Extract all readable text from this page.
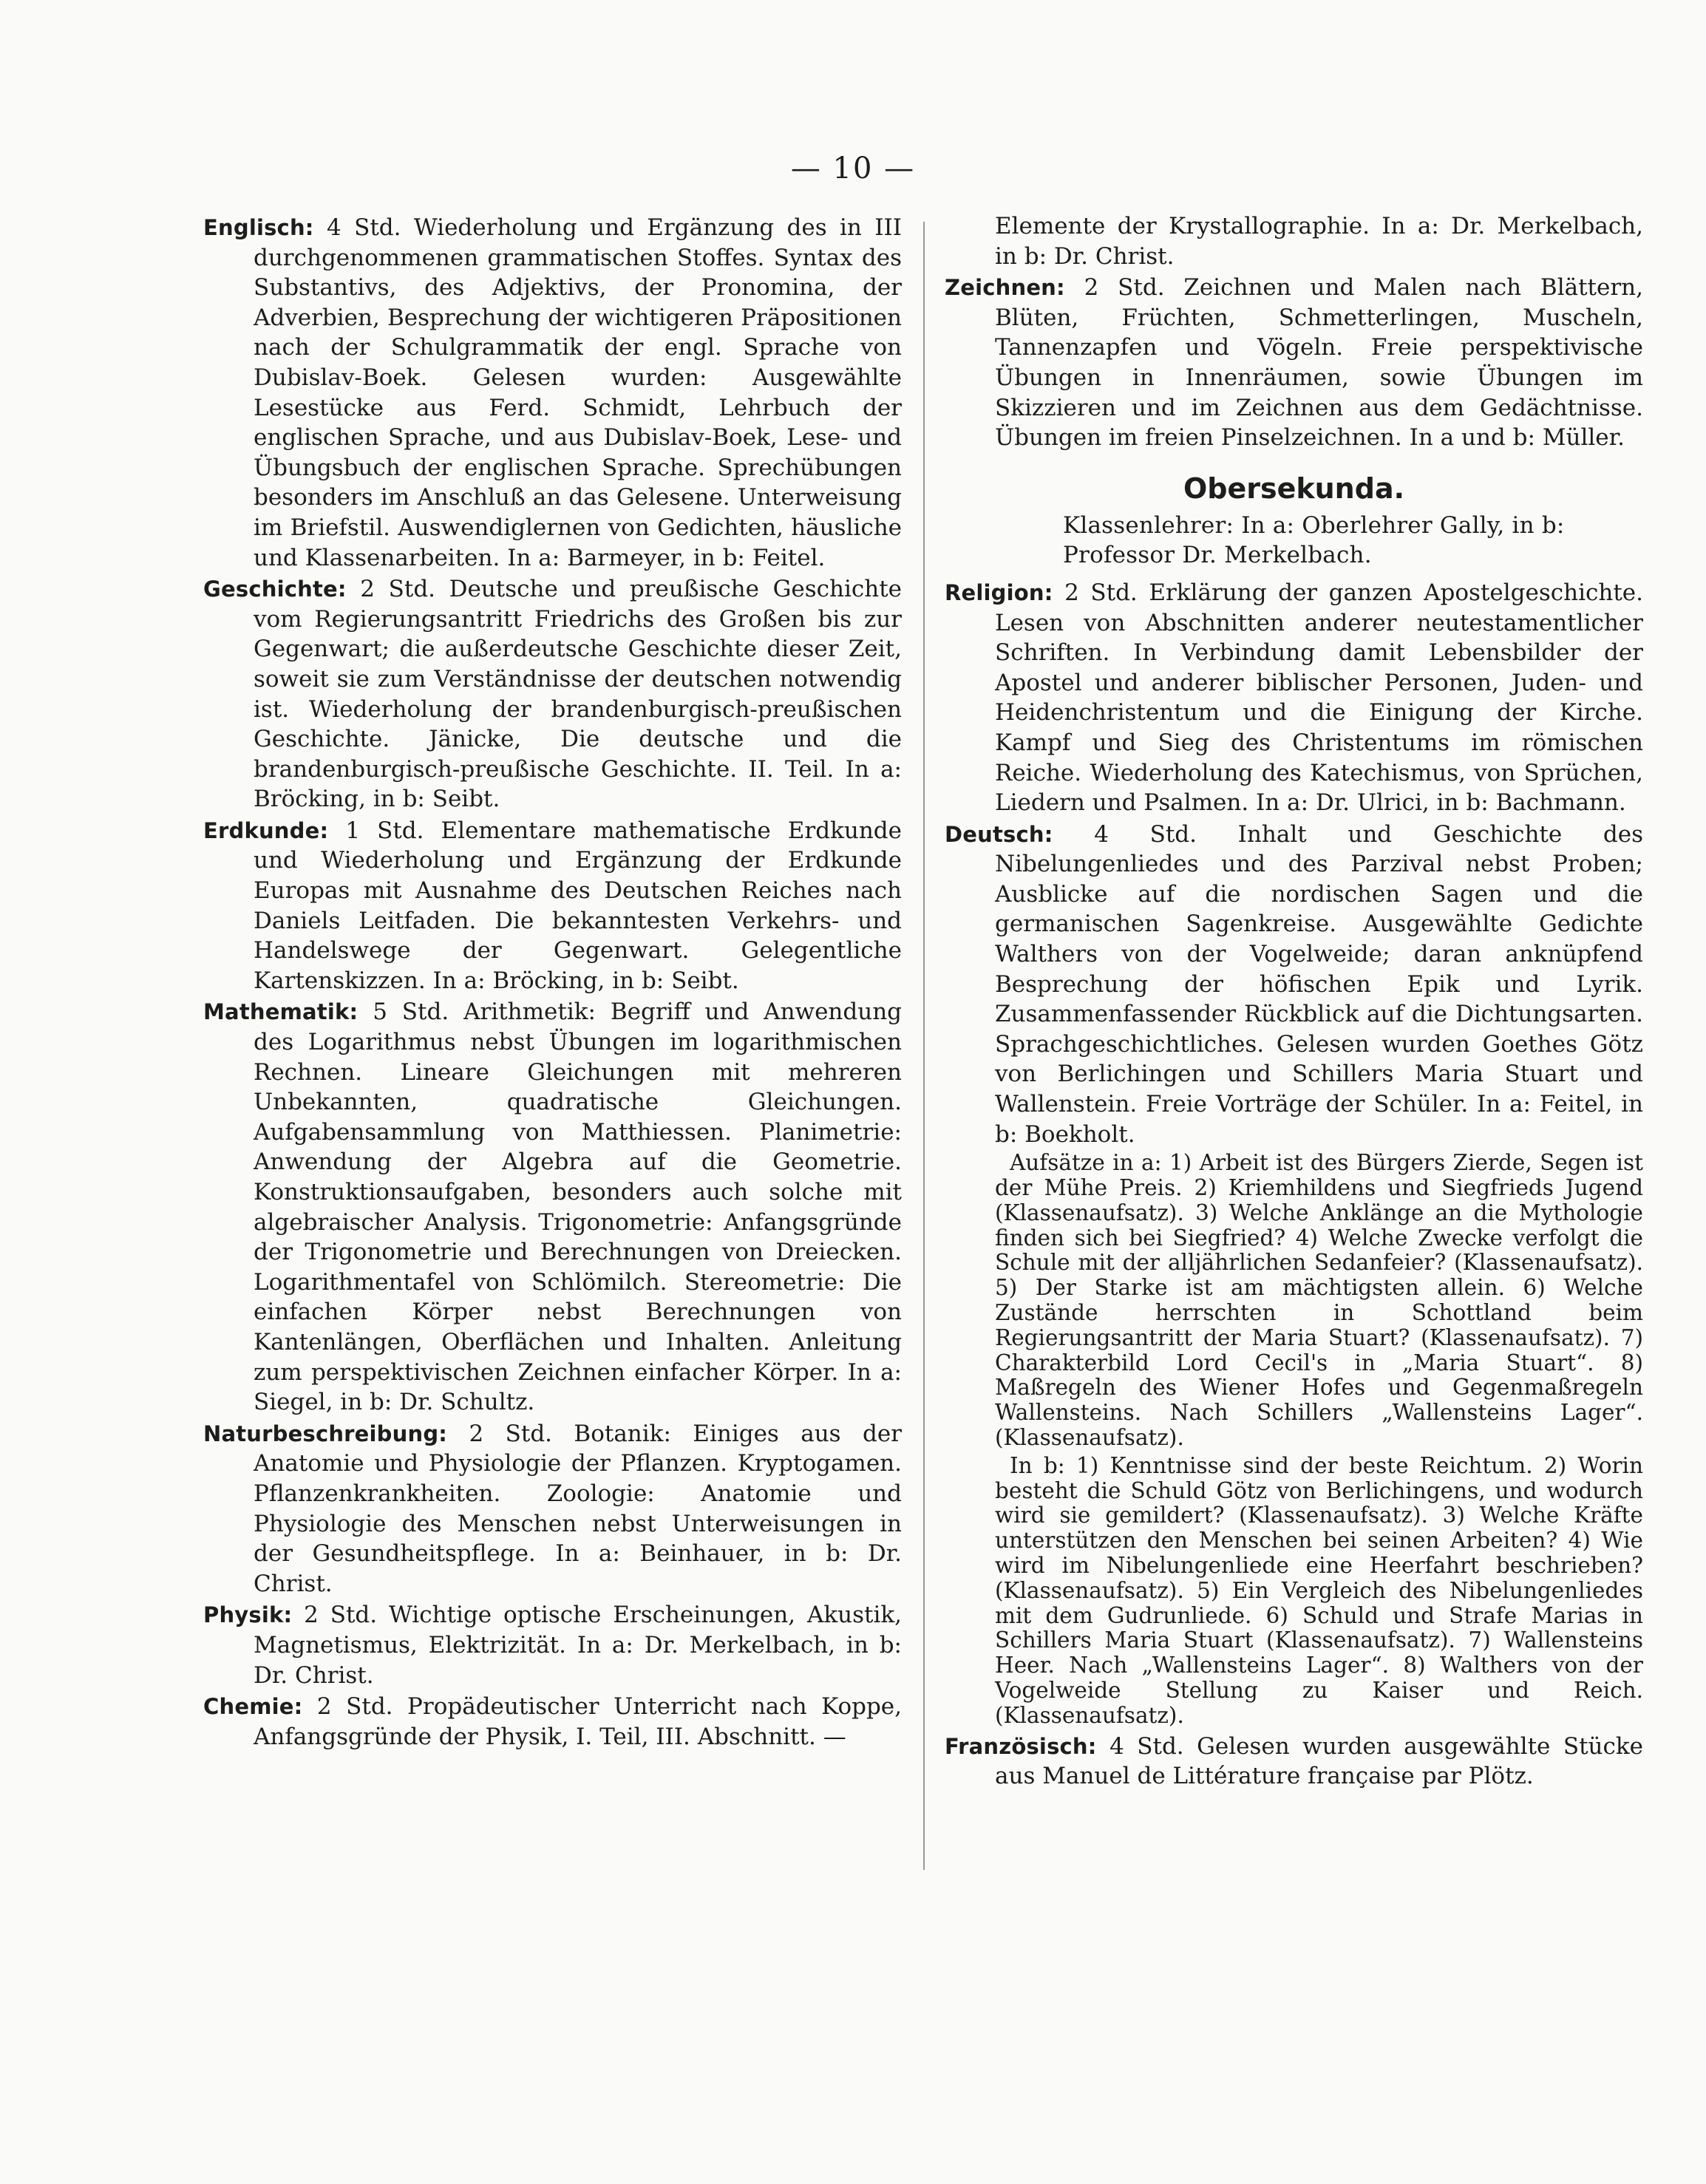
— 10 —

Englisch: 4 Std. Wiederholung und Ergänzung des in III durchgenommenen grammatischen Stoffes. Syntax des Substantivs, des Adjektivs, der Pronomina, der Adverbien, Besprechung der wichtigeren Präpositionen nach der Schulgrammatik der engl. Sprache von Dubislav-Boek. Gelesen wurden: Ausgewählte Lesestücke aus Ferd. Schmidt, Lehrbuch der englischen Sprache, und aus Dubislav-Boek, Lese- und Übungsbuch der englischen Sprache. Sprechübungen besonders im Anschluß an das Gelesene. Unterweisung im Briefstil. Auswendiglernen von Gedichten, häusliche und Klassenarbeiten. In a: Barmeyer, in b: Feitel.

Geschichte: 2 Std. Deutsche und preußische Geschichte vom Regierungsantritt Friedrichs des Großen bis zur Gegenwart; die außerdeutsche Geschichte dieser Zeit, soweit sie zum Verständnisse der deutschen notwendig ist. Wiederholung der brandenburgisch-preußischen Geschichte. Jänicke, Die deutsche und die brandenburgisch-preußische Geschichte. II. Teil. In a: Bröcking, in b: Seibt.

Erdkunde: 1 Std. Elementare mathematische Erdkunde und Wiederholung und Ergänzung der Erdkunde Europas mit Ausnahme des Deutschen Reiches nach Daniels Leitfaden. Die bekanntesten Verkehrs- und Handelswege der Gegenwart. Gelegentliche Kartenskizzen. In a: Bröcking, in b: Seibt.

Mathematik: 5 Std. Arithmetik: Begriff und Anwendung des Logarithmus nebst Übungen im logarithmischen Rechnen. Lineare Gleichungen mit mehreren Unbekannten, quadratische Gleichungen. Aufgabensammlung von Matthiessen. Planimetrie: Anwendung der Algebra auf die Geometrie. Konstruktionsaufgaben, besonders auch solche mit algebraischer Analysis. Trigonometrie: Anfangsgründe der Trigonometrie und Berechnungen von Dreiecken. Logarithmentafel von Schlömilch. Stereometrie: Die einfachen Körper nebst Berechnungen von Kantenlängen, Oberflächen und Inhalten. Anleitung zum perspektivischen Zeichnen einfacher Körper. In a: Siegel, in b: Dr. Schultz.

Naturbeschreibung: 2 Std. Botanik: Einiges aus der Anatomie und Physiologie der Pflanzen. Kryptogamen. Pflanzenkrankheiten. Zoologie: Anatomie und Physiologie des Menschen nebst Unterweisungen in der Gesundheitspflege. In a: Beinhauer, in b: Dr. Christ.

Physik: 2 Std. Wichtige optische Erscheinungen, Akustik, Magnetismus, Elektrizität. In a: Dr. Merkelbach, in b: Dr. Christ.

Chemie: 2 Std. Propädeutischer Unterricht nach Koppe, Anfangsgründe der Physik, I. Teil, III. Abschnitt. —

Elemente der Krystallographie. In a: Dr. Merkelbach, in b: Dr. Christ.

Zeichnen: 2 Std. Zeichnen und Malen nach Blättern, Blüten, Früchten, Schmetterlingen, Muscheln, Tannenzapfen und Vögeln. Freie perspektivische Übungen in Innenräumen, sowie Übungen im Skizzieren und im Zeichnen aus dem Gedächtnisse. Übungen im freien Pinselzeichnen. In a und b: Müller.

Obersekunda.

Klassenlehrer: In a: Oberlehrer Gally, in b:

Professor Dr. Merkelbach.

Religion: 2 Std. Erklärung der ganzen Apostelgeschichte. Lesen von Abschnitten anderer neutestamentlicher Schriften. In Verbindung damit Lebensbilder der Apostel und anderer biblischer Personen, Juden- und Heidenchristentum und die Einigung der Kirche. Kampf und Sieg des Christentums im römischen Reiche. Wiederholung des Katechismus, von Sprüchen, Liedern und Psalmen. In a: Dr. Ulrici, in b: Bachmann.

Deutsch: 4 Std. Inhalt und Geschichte des Nibelungenliedes und des Parzival nebst Proben; Ausblicke auf die nordischen Sagen und die germanischen Sagenkreise. Ausgewählte Gedichte Walthers von der Vogelweide; daran anknüpfend Besprechung der höfischen Epik und Lyrik. Zusammenfassender Rückblick auf die Dichtungsarten. Sprachgeschichtliches. Gelesen wurden Goethes Götz von Berlichingen und Schillers Maria Stuart und Wallenstein. Freie Vorträge der Schüler. In a: Feitel, in b: Boekholt.

Aufsätze in a: 1) Arbeit ist des Bürgers Zierde, Segen ist der Mühe Preis. 2) Kriemhildens und Siegfrieds Jugend (Klassenaufsatz). 3) Welche Anklänge an die Mythologie finden sich bei Siegfried? 4) Welche Zwecke verfolgt die Schule mit der alljährlichen Sedanfeier? (Klassenaufsatz). 5) Der Starke ist am mächtigsten allein. 6) Welche Zustände herrschten in Schottland beim Regierungsantritt der Maria Stuart? (Klassenaufsatz). 7) Charakterbild Lord Cecil's in „Maria Stuart“. 8) Maßregeln des Wiener Hofes und Gegenmaßregeln Wallensteins. Nach Schillers „Wallensteins Lager“. (Klassenaufsatz).

In b: 1) Kenntnisse sind der beste Reichtum. 2) Worin besteht die Schuld Götz von Berlichingens, und wodurch wird sie gemildert? (Klassenaufsatz). 3) Welche Kräfte unterstützen den Menschen bei seinen Arbeiten? 4) Wie wird im Nibelungenliede eine Heerfahrt beschrieben? (Klassenaufsatz). 5) Ein Vergleich des Nibelungenliedes mit dem Gudrunliede. 6) Schuld und Strafe Marias in Schillers Maria Stuart (Klassenaufsatz). 7) Wallensteins Heer. Nach „Wallensteins Lager“. 8) Walthers von der Vogelweide Stellung zu Kaiser und Reich. (Klassenaufsatz).

Französisch: 4 Std. Gelesen wurden ausgewählte Stücke aus Manuel de Littérature française par Plötz.
